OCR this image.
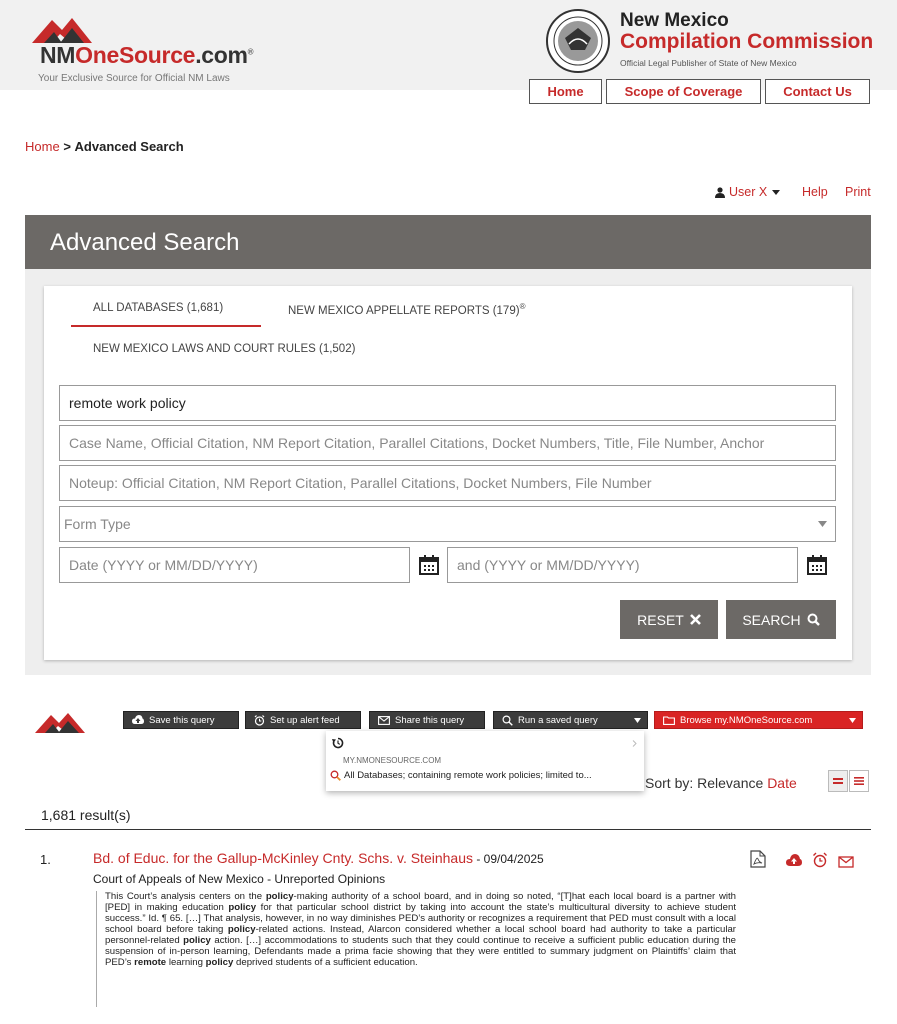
NMOneSource.com®
Your Exclusive Source for Official NM Laws
New Mexico
Compilation Commission
Official Legal Publisher of State of New Mexico
Home	Scope of Coverage	Contact Us
Home > Advanced Search
User X	Help Print
Advanced Search
ALL DATABASES (1,681)	NEW MEXICO APPELLATE REPORTS (179)®
NEW MEXICO LAWS AND COURT RULES (1,502)
remote work policy
Case Name, Official Citation, NM Report Citation, Parallel Citations, Docket Numbers, Title, File Number, Anchor
Noteup: Official Citation, NM Report Citation, Parallel Citations, Docket Numbers, File Number
Form Type
Date (YYYY or MM/DD/YYYY)	and (YYYY or MM/DD/YYYY)
RESET	SEARCH
Save this query	Set up alert feed	Share this query	Run a saved query	Browse my.NMOneSource.com
MY.NMONESOURCE.COM
All Databases; containing remote work policies; limited to...	Sort by: Relevance Date
1,681 result(s)
1.	Bd. of Educ. for the Gallup-McKinley Cnty. Schs. v. Steinhaus - 09/04/2025
Court of Appeals of New Mexico - Unreported Opinions
This Court’s analysis centers on the policy-making authority of a school board, and in doing so noted, “[T]hat each local board is a partner with [PED] in making education policy for that particular school district by taking into account the state’s multicultural diversity to achieve student success.” Id. ¶ 65. […] That analysis, however, in no way diminishes PED’s authority or recognizes a requirement that PED must consult with a local school board before taking policy-related actions. Instead, Alarcon considered whether a local school board had authority to take a particular personnel-related policy action. […] accommodations to students such that they could continue to receive a sufficient public education during the suspension of in-person learning, Defendants made a prima facie showing that they were entitled to summary judgment on Plaintiffs’ claim that PED’s remote learning policy deprived students of a sufficient education.
